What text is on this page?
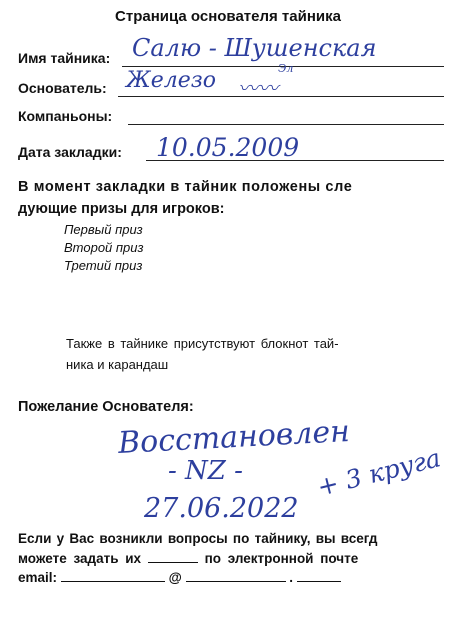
Страница основателя тайника
Имя тайника: Салю - Шушенская
Основатель: Железо	Эл
〰〰
Компаньоны:
Дата закладки: 10.05.2009
В момент закладки в тайник положены сле
дующие призы для игроков:
Первый приз
Второй приз
Третий приз
Также в тайнике присутствуют блокнот тай-
ника и карандаш
Пожелание Основателя:
Восстановлен
- NZ -	+ 3 круга
27.06.2022
Если у Вас возникли вопросы по тайнику, вы всегд
можете задать их	по электронной почте
email:	@	.
